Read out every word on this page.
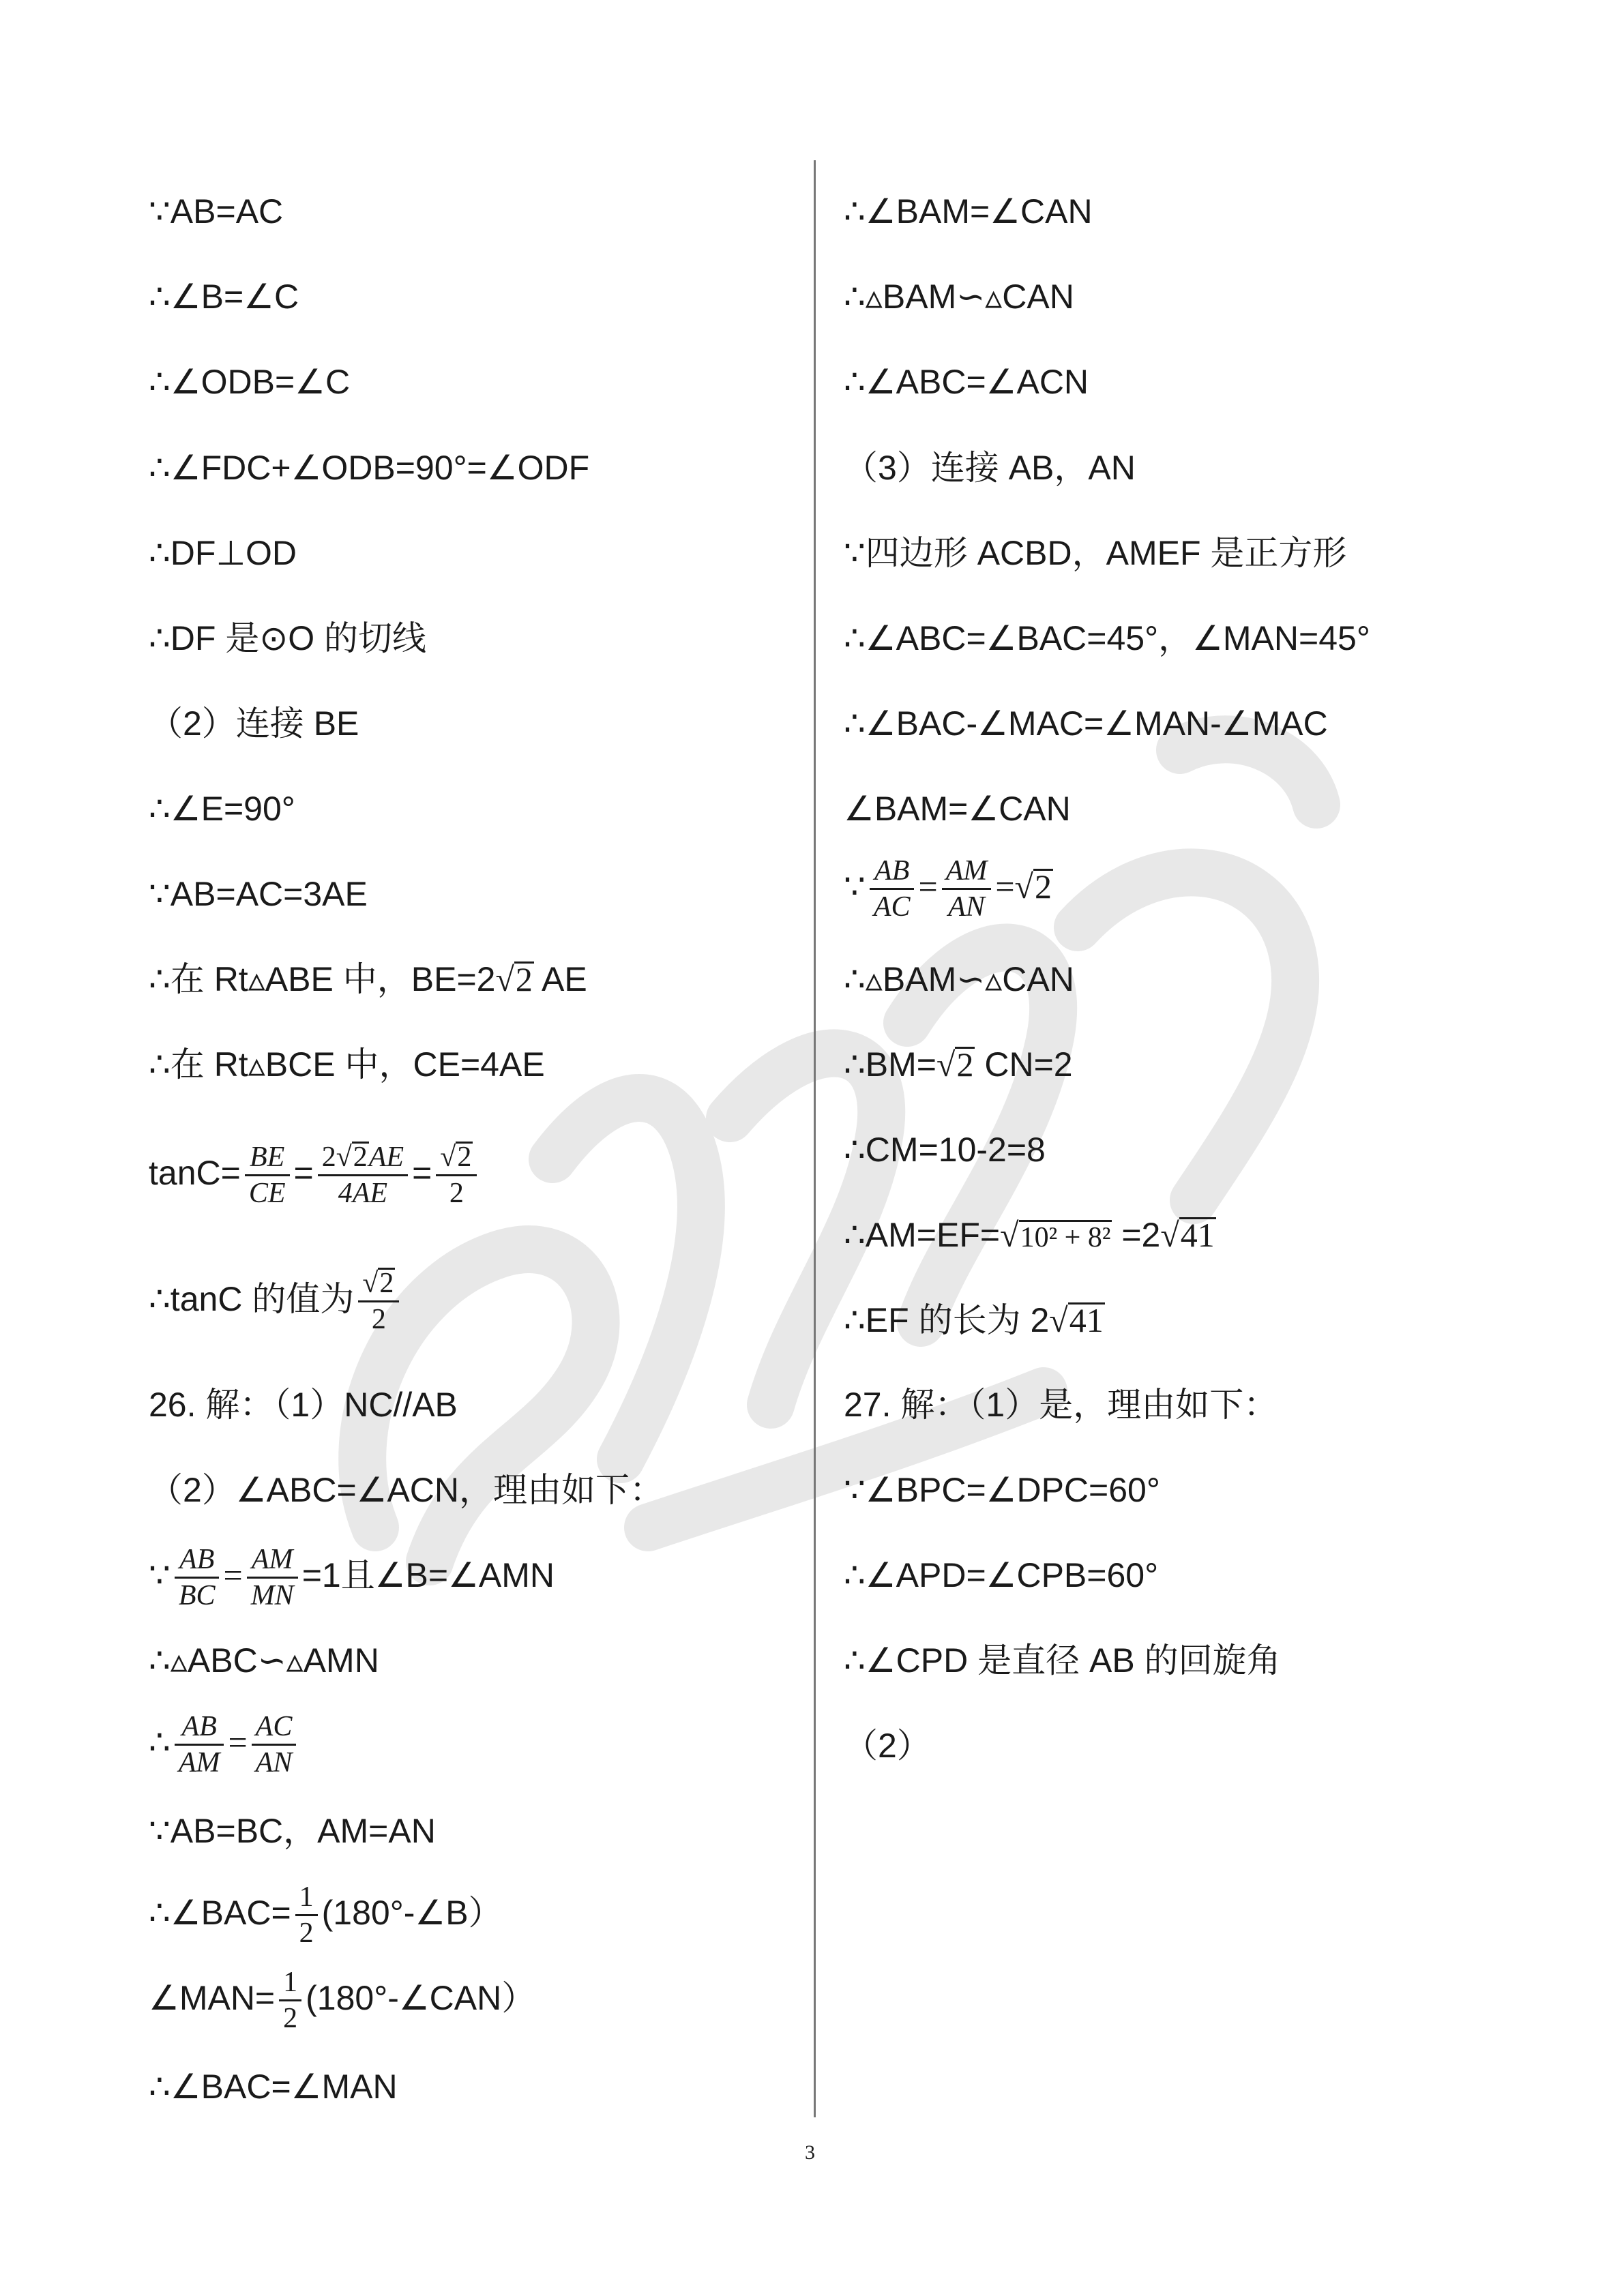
∵AB=AC
∴∠B=∠C
∴∠ODB=∠C
∴∠FDC+∠ODB=90°=∠ODF
∴DF⊥OD
∴DF 是⊙O 的切线
（2）连接 BE
∴∠E=90°
∵AB=AC=3AE
∴在 Rt▵ABE 中，BE=2√2 AE
∴在 Rt▵BCE 中，CE=4AE
$\tan C= \frac{BE}{CE} = \frac{2√2AE}{4AE} = \frac{√2}{2}$
∴tanC 的值为 $\frac{√2}{2}$
26. 解：（1）NC//AB
（2）∠ABC=∠ACN，理由如下：
∵ $\frac{AB}{BC} = \frac{AM}{MN} =1$且∠B=∠AMN
∴▵ABC∽▵AMN
∴ $\frac{AB}{AM} = \frac{AC}{AN}$
∵AB=BC，AM=AN
∴∠BAC= $\frac{1}{2}$ (180°-∠B）
∠MAN= $\frac{1}{2}$ (180°-∠CAN）
∴∠BAC=∠MAN
∴∠BAM=∠CAN
∴▵BAM∽▵CAN
∴∠ABC=∠ACN
（3）连接 AB，AN
∵四边形 ACBD，AMEF 是正方形
∴∠ABC=∠BAC=45°，∠MAN=45°
∴∠BAC-∠MAC=∠MAN-∠MAC
∠BAM=∠CAN
∵ $\frac{AB}{AC} = \frac{AM}{AN} =√2$
∴▵BAM∽▵CAN
∴BM=√2 CN=2
∴CM=10-2=8
∴AM=EF=√10² + 8² =2√41
∴EF 的长为 2√41
27. 解：（1）是，理由如下：
∵∠BPC=∠DPC=60°
∴∠APD=∠CPB=60°
∴∠CPD 是直径 AB 的回旋角
（2）
3
